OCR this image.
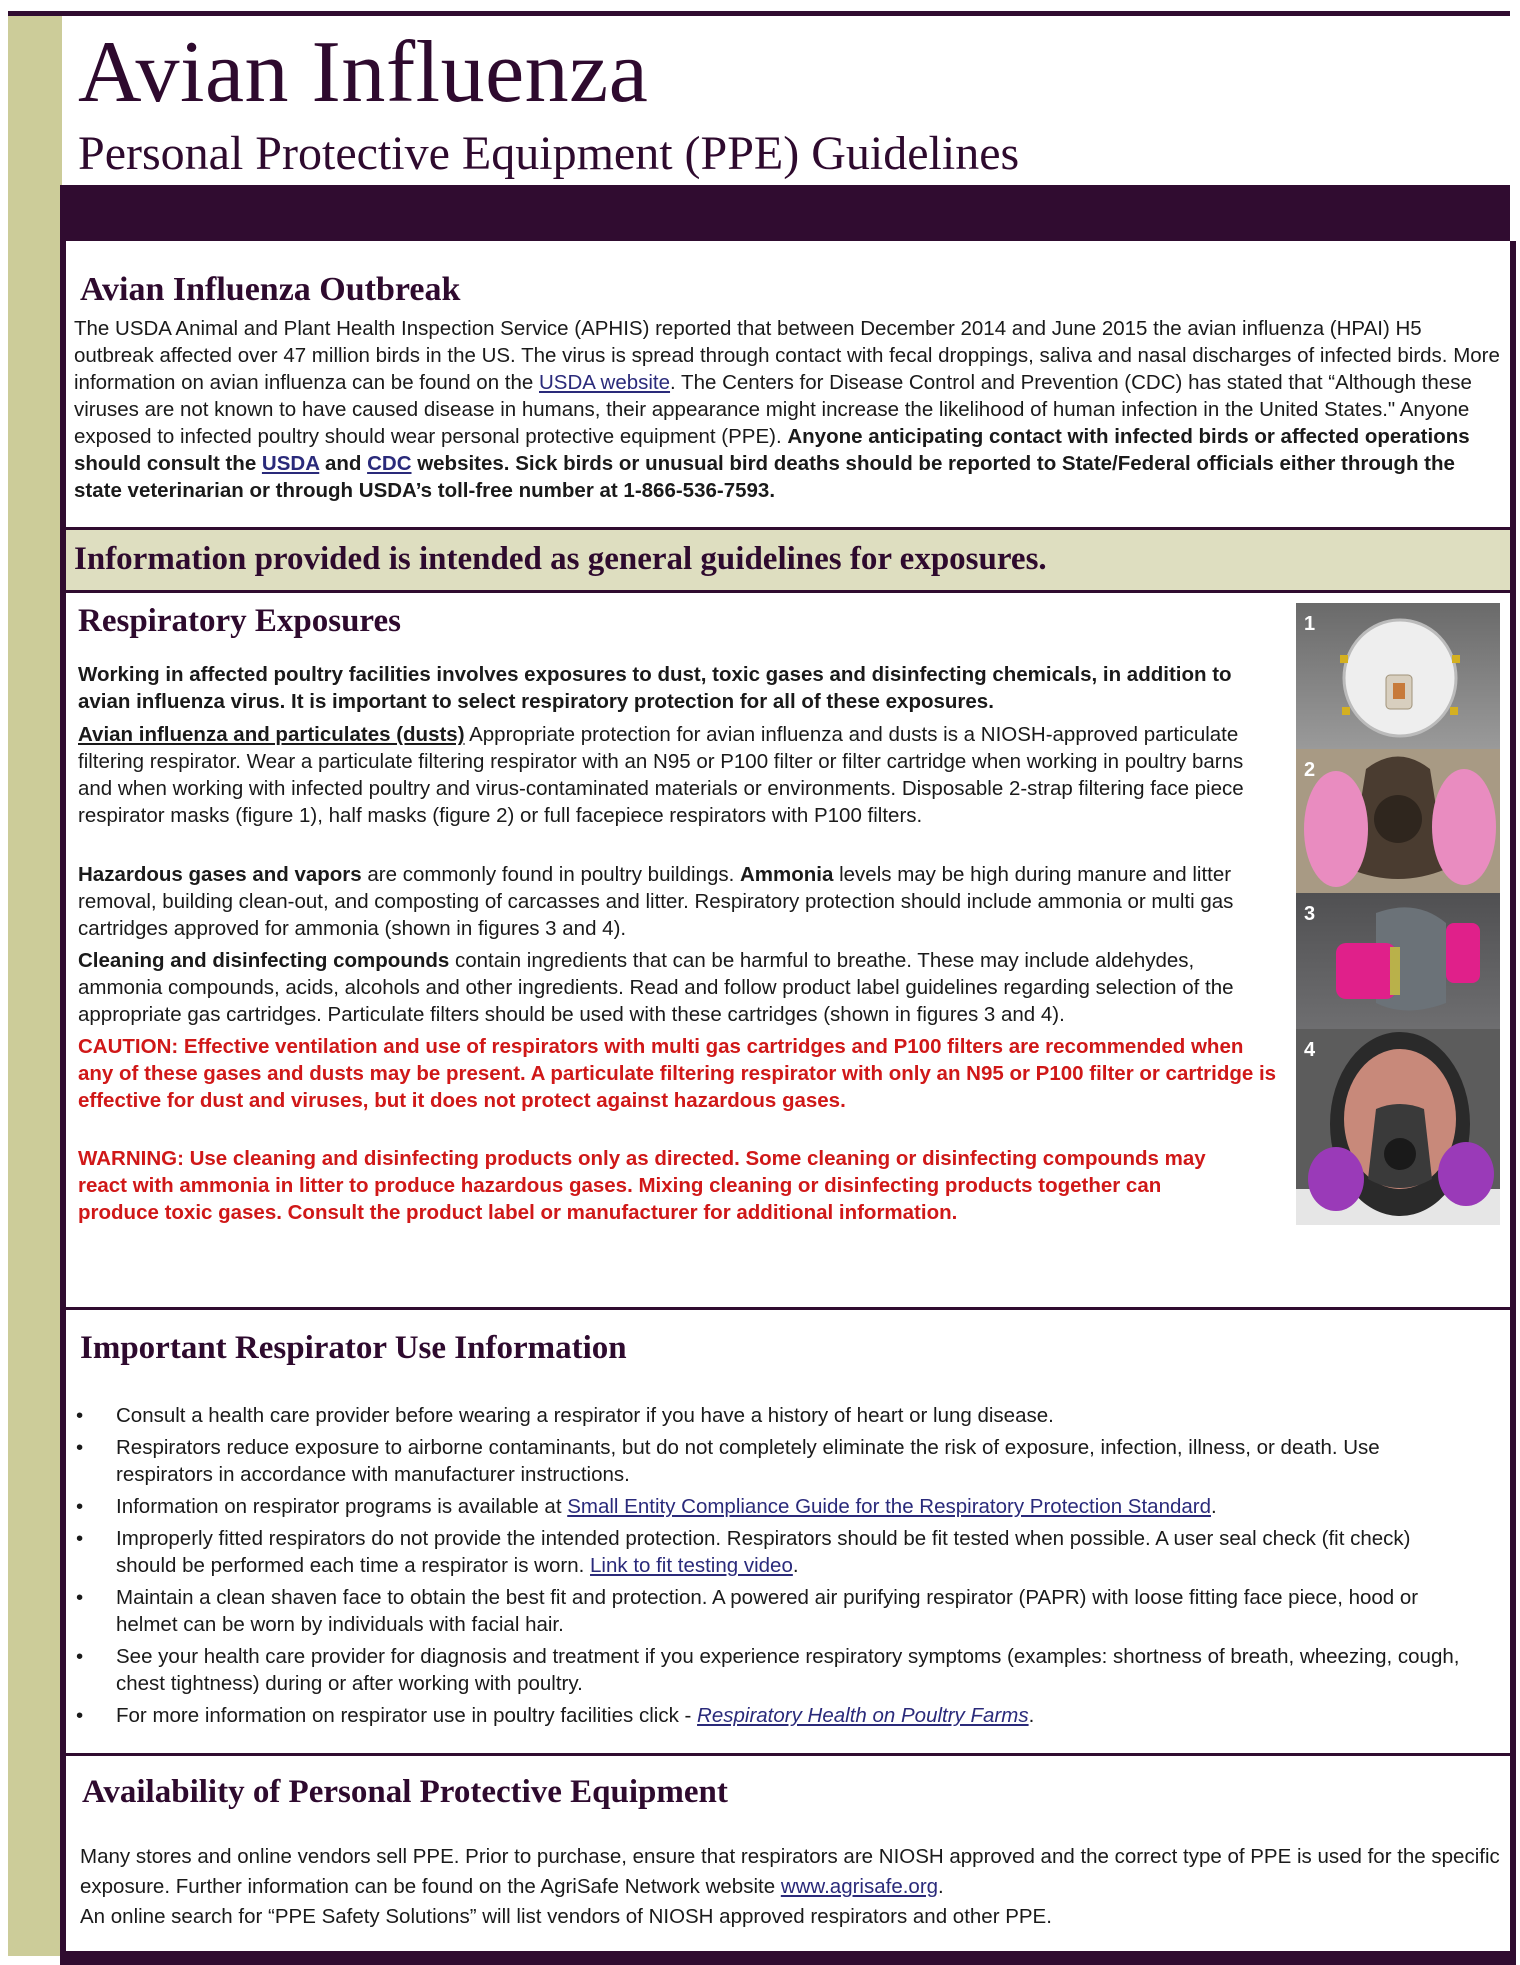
Avian Influenza
Personal Protective Equipment (PPE) Guidelines
Avian Influenza Outbreak

The USDA Animal and Plant Health Inspection Service (APHIS) reported that between December 2014 and June 2015 the avian influenza (HPAI) H5 outbreak affected over 47 million birds in the US. The virus is spread through contact with fecal droppings, saliva and nasal discharges of infected birds. More information on avian influenza can be found on the USDA website. The Centers for Disease Control and Prevention (CDC) has stated that “Although these viruses are not known to have caused disease in humans, their appearance might increase the likelihood of human infection in the United States." Anyone exposed to infected poultry should wear personal protective equipment (PPE). Anyone anticipating contact with infected birds or affected operations should consult the USDA and CDC websites. Sick birds or unusual bird deaths should be reported to State/Federal officials either through the state veterinarian or through USDA’s toll-free number at 1-866-536-7593.

Information provided is intended as general guidelines for exposures.
Respiratory Exposures

Working in affected poultry facilities involves exposures to dust, toxic gases and disinfecting chemicals, in addition to avian influenza virus. It is important to select respiratory protection for all of these exposures.

Avian influenza and particulates (dusts) Appropriate protection for avian influenza and dusts is a NIOSH-approved particulate filtering respirator. Wear a particulate filtering respirator with an N95 or P100 filter or filter cartridge when working in poultry barns and when working with infected poultry and virus-contaminated materials or environments. Disposable 2-strap filtering face piece respirator masks (figure 1), half masks (figure 2) or full facepiece respirators with P100 filters.

Hazardous gases and vapors are commonly found in poultry buildings. Ammonia levels may be high during manure and litter removal, building clean-out, and composting of carcasses and litter. Respiratory protection should include ammonia or multi gas cartridges approved for ammonia (shown in figures 3 and 4).

Cleaning and disinfecting compounds contain ingredients that can be harmful to breathe. These may include aldehydes, ammonia compounds, acids, alcohols and other ingredients. Read and follow product label guidelines regarding selection of the appropriate gas cartridges. Particulate filters should be used with these cartridges (shown in figures 3 and 4).

CAUTION: Effective ventilation and use of respirators with multi gas cartridges and P100 filters are recommended when any of these gases and dusts may be present. A particulate filtering respirator with only an N95 or P100 filter or cartridge is effective for dust and viruses, but it does not protect against hazardous gases.

WARNING: Use cleaning and disinfecting products only as directed. Some cleaning or disinfecting compounds may react with ammonia in litter to produce hazardous gases. Mixing cleaning or disinfecting products together can produce toxic gases. Consult the product label or manufacturer for additional information.

1
2
3
4
Important Respirator Use Information
• Consult a health care provider before wearing a respirator if you have a history of heart or lung disease.
• Respirators reduce exposure to airborne contaminants, but do not completely eliminate the risk of exposure, infection, illness, or death. Use respirators in accordance with manufacturer instructions.
• Information on respirator programs is available at Small Entity Compliance Guide for the Respiratory Protection Standard.
• Improperly fitted respirators do not provide the intended protection. Respirators should be fit tested when possible. A user seal check (fit check) should be performed each time a respirator is worn. Link to fit testing video.
• Maintain a clean shaven face to obtain the best fit and protection. A powered air purifying respirator (PAPR) with loose fitting face piece, hood or helmet can be worn by individuals with facial hair.
• See your health care provider for diagnosis and treatment if you experience respiratory symptoms (examples: shortness of breath, wheezing, cough, chest tightness) during or after working with poultry.
• For more information on respirator use in poultry facilities click - Respiratory Health on Poultry Farms.
Availability of Personal Protective Equipment

Many stores and online vendors sell PPE. Prior to purchase, ensure that respirators are NIOSH approved and the correct type of PPE is used for the specific exposure. Further information can be found on the AgriSafe Network website www.agrisafe.org.
An online search for “PPE Safety Solutions” will list vendors of NIOSH approved respirators and other PPE.
